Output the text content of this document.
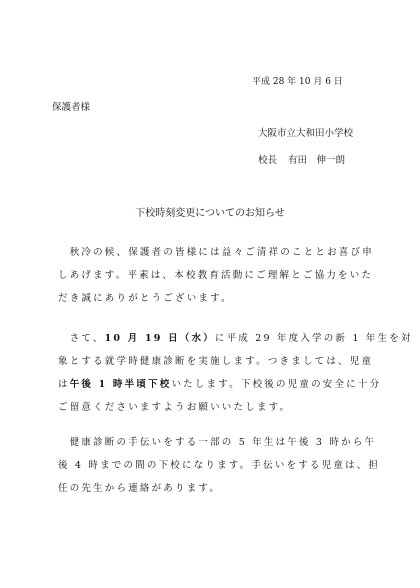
平成 28 年 10 月 6 日
保護者様
大阪市立大和田小学校
校長 有田　伸一朗
下校時刻変更についてのお知らせ
　秋冷の候、保護者の皆様には益々ご清祥のこととお喜び申
しあげます。平素は、本校教育活動にご理解とご協力をいた
だき誠にありがとうございます。
　さて、10 月 19 日（水）に平成 29 年度入学の新 1 年生を対
象とする就学時健康診断を実施します。つきましては、児童
は午後 1 時半頃下校いたします。下校後の児童の安全に十分
ご留意くださいますようお願いいたします。
　健康診断の手伝いをする一部の 5 年生は午後 3 時から午
後 4 時までの間の下校になります。手伝いをする児童は、担
任の先生から連絡があります。
